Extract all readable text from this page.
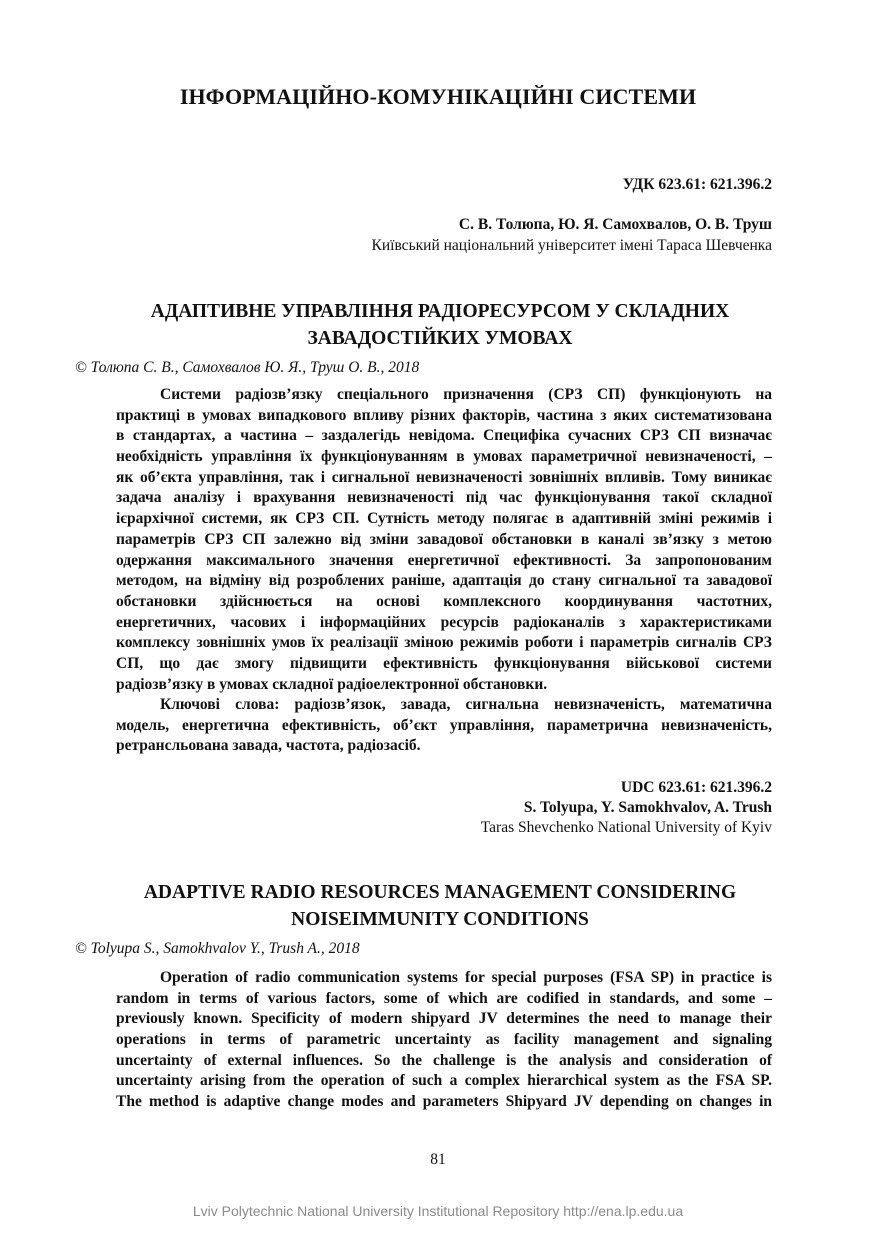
ІНФОРМАЦІЙНО-КОМУНІКАЦІЙНІ СИСТЕМИ
УДК 623.61: 621.396.2
С. В. Толюпа, Ю. Я. Самохвалов, О. В. Труш
Київський національний університет імені Тараса Шевченка
АДАПТИВНЕ УПРАВЛІННЯ РАДІОРЕСУРСОМ У СКЛАДНИХ
ЗАВАДОСТІЙКИХ УМОВАХ
© Толюпа С. В., Самохвалов Ю. Я., Труш О. В., 2018
Системи радіозв’язку спеціального призначення (СРЗ СП) функціонують на
практиці в умовах випадкового впливу різних факторів, частина з яких систематизована
в стандартах, а частина – заздалегідь невідома. Специфіка сучасних СРЗ СП визначає
необхідність управління їх функціонуванням в умовах параметричної невизначеності, –
як об’єкта управління, так і сигнальної невизначеності зовнішніх впливів. Тому виникає
задача аналізу і врахування невизначеності під час функціонування такої складної
ієрархічної системи, як СРЗ СП. Сутність методу полягає в адаптивній зміні режимів і
параметрів СРЗ СП залежно від зміни завадової обстановки в каналі зв’язку з метою
одержання максимального значення енергетичної ефективності. За запропонованим
методом, на відміну від розроблених раніше, адаптація до стану сигнальної та завадової
обстановки здійснюється на основі комплексного координування частотних,
енергетичних, часових і інформаційних ресурсів радіоканалів з характеристиками
комплексу зовнішніх умов їх реалізації зміною режимів роботи і параметрів сигналів СРЗ
СП, що дає змогу підвищити ефективність функціонування військової системи
радіозв’язку в умовах складної радіоелектронної обстановки.
Ключові слова: радіозв’язок, завада, сигнальна невизначеність, математична
модель, енергетична ефективність, об’єкт управління, параметрична невизначеність,
ретрансльована завада, частота, радіозасіб.
UDC 623.61: 621.396.2
S. Tolyupa, Y. Samokhvalov, A. Trush
Taras Shevchenko National University of Kyiv
ADAPTIVE RADIO RESOURCES MANAGEMENT CONSIDERING
NOISEIMMUNITY CONDITIONS
© Tolyupa S., Samokhvalov Y., Trush A., 2018
Operation of radio communication systems for special purposes (FSA SP) in practice is
random in terms of various factors, some of which are codified in standards, and some –
previously known. Specificity of modern shipyard JV determines the need to manage their
operations in terms of parametric uncertainty as facility management and signaling
uncertainty of external influences. So the challenge is the analysis and consideration of
uncertainty arising from the operation of such a complex hierarchical system as the FSA SP.
The method is adaptive change modes and parameters Shipyard JV depending on changes in
81
Lviv Polytechnic National University Institutional Repository http://ena.lp.edu.ua
